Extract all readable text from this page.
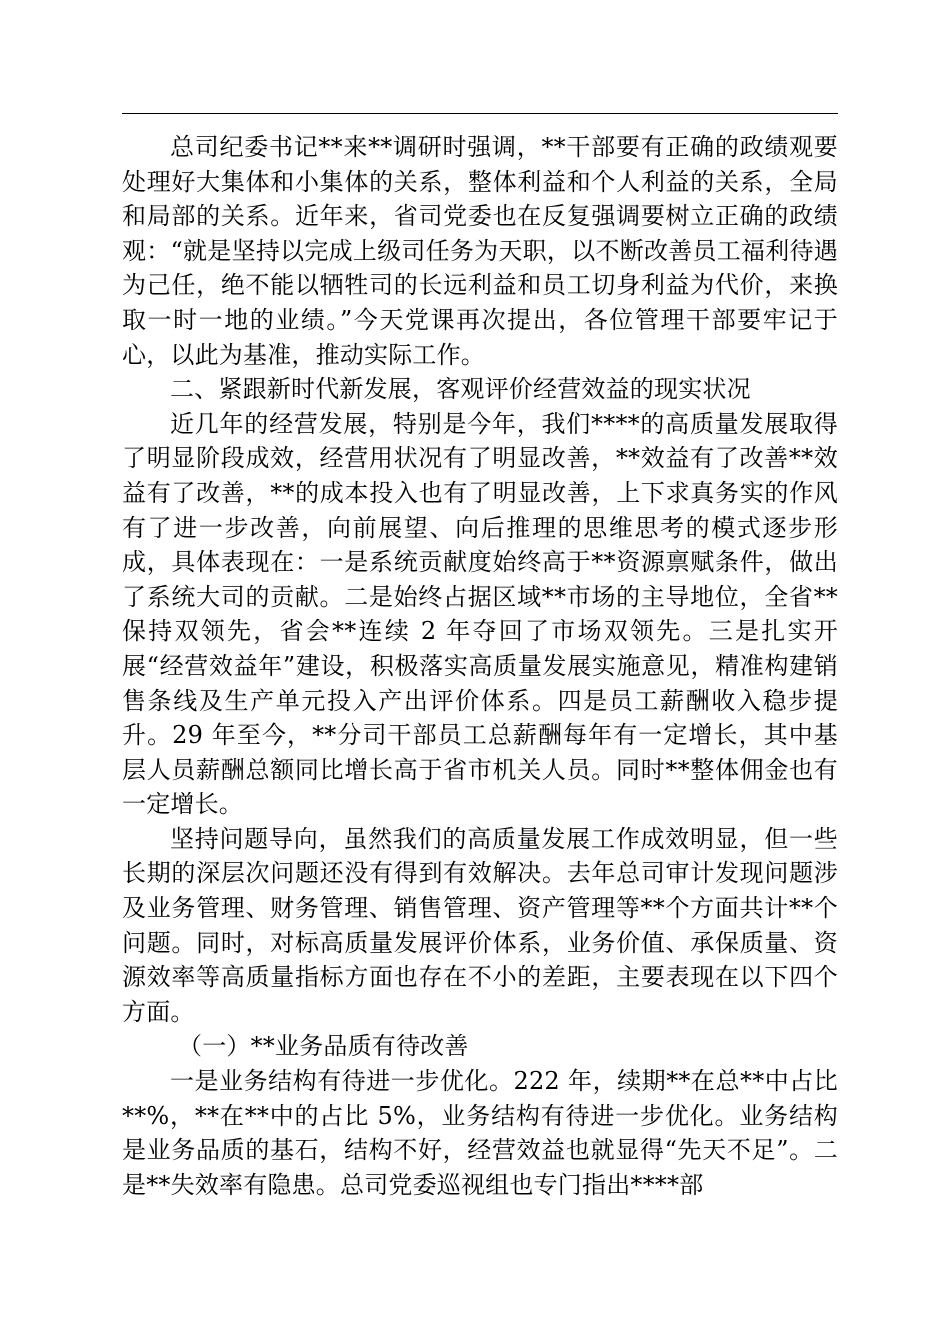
总司纪委书记**来**调研时强调，**干部要有正确的政绩观要处理好大集体和小集体的关系，整体利益和个人利益的关系，全局和局部的关系。近年来，省司党委也在反复强调要树立正确的政绩观：“就是坚持以完成上级司任务为天职，以不断改善员工福利待遇为己任，绝不能以牺牲司的长远利益和员工切身利益为代价，来换取一时一地的业绩。”今天党课再次提出，各位管理干部要牢记于心，以此为基准，推动实际工作。

二、紧跟新时代新发展，客观评价经营效益的现实状况

近几年的经营发展，特别是今年，我们****的高质量发展取得了明显阶段成效，经营用状况有了明显改善，**效益有了改善**效益有了改善，**的成本投入也有了明显改善，上下求真务实的作风有了进一步改善，向前展望、向后推理的思维思考的模式逐步形成，具体表现在：一是系统贡献度始终高于**资源禀赋条件，做出了系统大司的贡献。二是始终占据区域**市场的主导地位，全省**保持双领先，省会**连续 2 年夺回了市场双领先。三是扎实开展“经营效益年”建设，积极落实高质量发展实施意见，精准构建销售条线及生产单元投入产出评价体系。四是员工薪酬收入稳步提升。29 年至今，**分司干部员工总薪酬每年有一定增长，其中基层人员薪酬总额同比增长高于省市机关人员。同时**整体佣金也有一定增长。

坚持问题导向，虽然我们的高质量发展工作成效明显，但一些长期的深层次问题还没有得到有效解决。去年总司审计发现问题涉及业务管理、财务管理、销售管理、资产管理等**个方面共计**个问题。同时，对标高质量发展评价体系，业务价值、承保质量、资源效率等高质量指标方面也存在不小的差距，主要表现在以下四个方面。

（一）**业务品质有待改善

一是业务结构有待进一步优化。222 年，续期**在总**中占比**%，**在**中的占比 5%，业务结构有待进一步优化。业务结构是业务品质的基石，结构不好，经营效益也就显得“先天不足”。二是**失效率有隐患。总司党委巡视组也专门指出****部
